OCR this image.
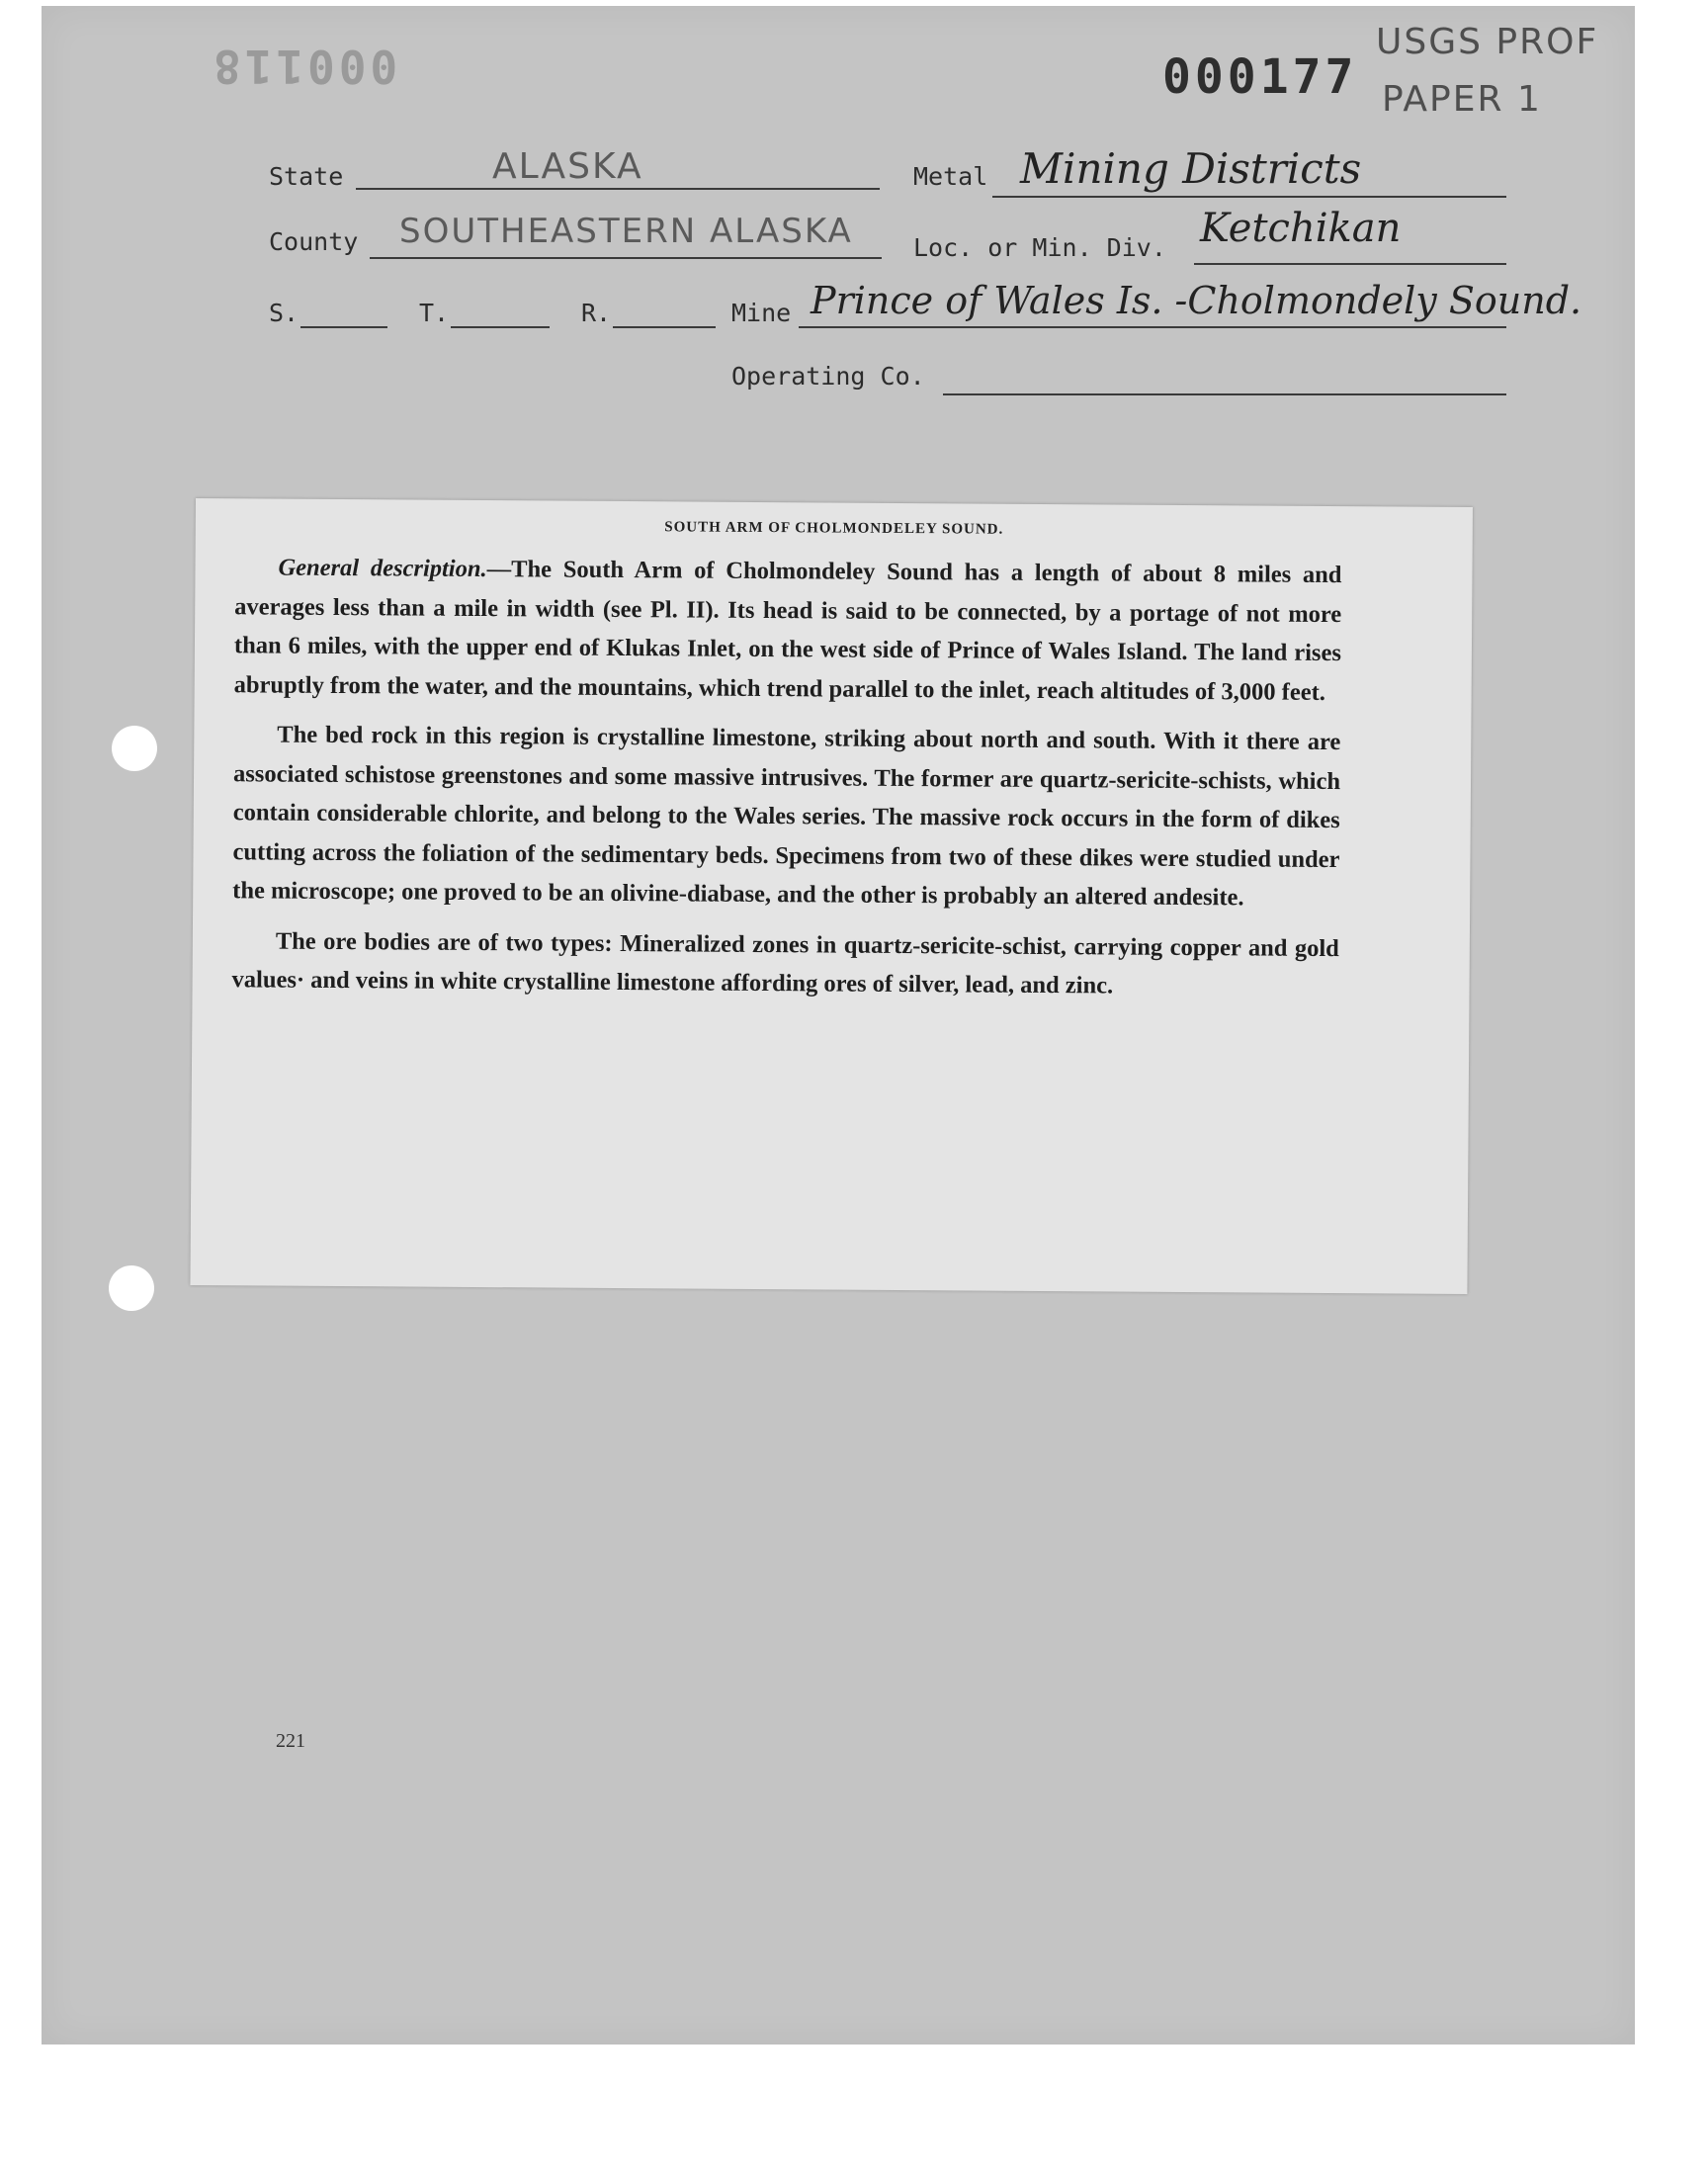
000118	000177
USGS PROF
PAPER 1
State	ALASKA	Metal Mining Districts
County SOUTHEASTERN ALASKA Loc. or Min. Div. Ketchikan
S.	T.	R.	Mine Prince of Wales Is. -Cholmondely Sound.
Operating Co.
SOUTH ARM OF CHOLMONDELEY SOUND.

General description.—The South Arm of Cholmondeley Sound has a length of about 8 miles and averages less than a mile in width (see Pl. II). Its head is said to be connected, by a portage of not more than 6 miles, with the upper end of Klukas Inlet, on the west side of Prince of Wales Island. The land rises abruptly from the water, and the mountains, which trend parallel to the inlet, reach altitudes of 3,000 feet.

The bed rock in this region is crystalline limestone, striking about north and south. With it there are associated schistose greenstones and some massive intrusives. The former are quartz-sericite-schists, which contain considerable chlorite, and belong to the Wales series. The massive rock occurs in the form of dikes cutting across the foliation of the sedimentary beds. Specimens from two of these dikes were studied under the microscope; one proved to be an olivine-diabase, and the other is probably an altered andesite.

The ore bodies are of two types: Mineralized zones in quartz-sericite-schist, carrying copper and gold values· and veins in white crystalline limestone affording ores of silver, lead, and zinc.

221
